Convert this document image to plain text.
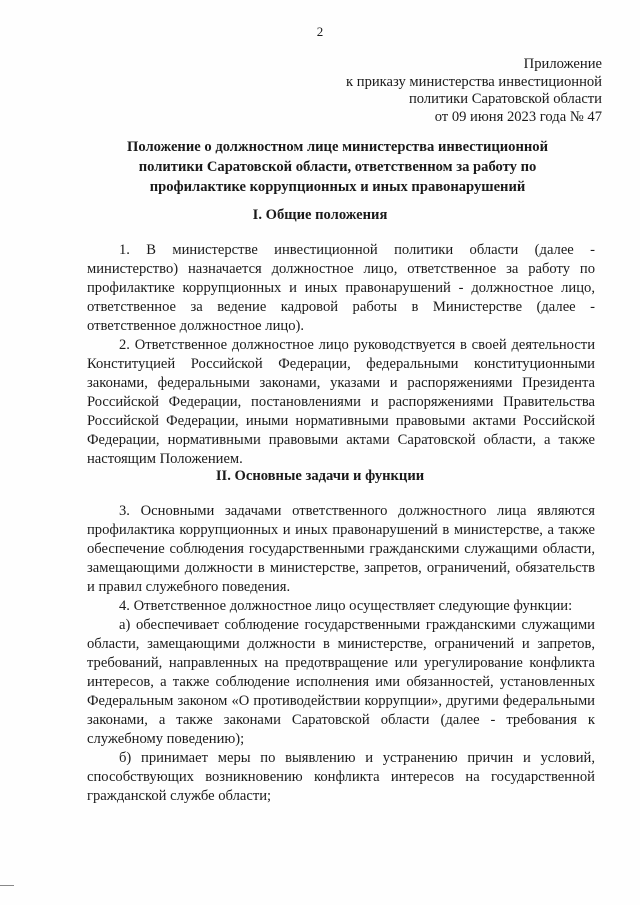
2
Приложение
к приказу министерства инвестиционной
политики Саратовской области
от 09 июня 2023 года № 47
Положение о должностном лице министерства инвестиционной
политики Саратовской области, ответственном за работу по
профилактике коррупционных и иных правонарушений
I. Общие положения

1. В министерстве инвестиционной политики области (далее - министерство) назначается должностное лицо, ответственное за работу по профилактике коррупционных и иных правонарушений - должностное лицо, ответственное за ведение кадровой работы в Министерстве (далее - ответственное должностное лицо).

2. Ответственное должностное лицо руководствуется в своей деятельности Конституцией Российской Федерации, федеральными конституционными законами, федеральными законами, указами и распоряжениями Президента Российской Федерации, постановлениями и распоряжениями Правительства Российской Федерации, иными нормативными правовыми актами Российской Федерации, нормативными правовыми актами Саратовской области, а также настоящим Положением.

II. Основные задачи и функции

3. Основными задачами ответственного должностного лица являются профилактика коррупционных и иных правонарушений в министерстве, а также обеспечение соблюдения государственными гражданскими служащими области, замещающими должности в министерстве, запретов, ограничений, обязательств и правил служебного поведения.

4. Ответственное должностное лицо осуществляет следующие функции:

а) обеспечивает соблюдение государственными гражданскими служащими области, замещающими должности в министерстве, ограничений и запретов, требований, направленных на предотвращение или урегулирование конфликта интересов, а также соблюдение исполнения ими обязанностей, установленных Федеральным законом «О противодействии коррупции», другими федеральными законами, а также законами Саратовской области (далее - требования к служебному поведению);

б) принимает меры по выявлению и устранению причин и условий, способствующих возникновению конфликта интересов на государственной гражданской службе области;
